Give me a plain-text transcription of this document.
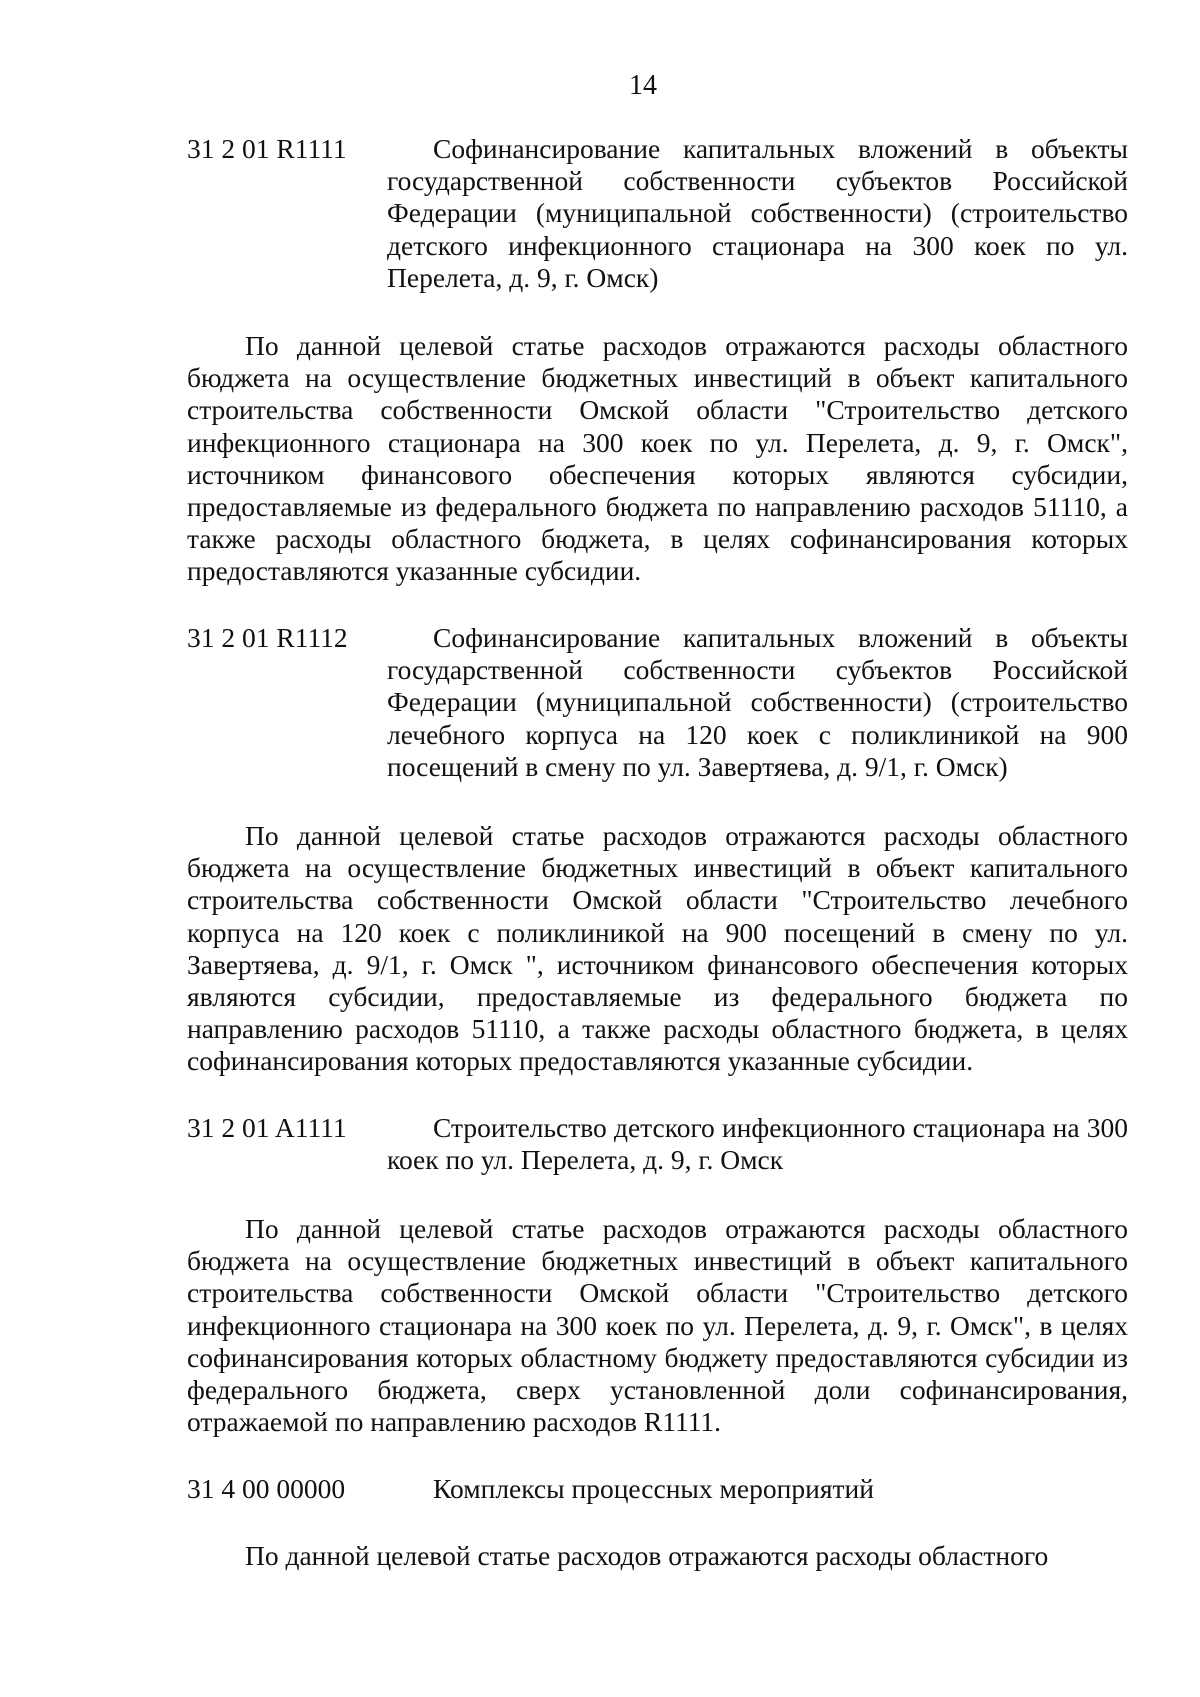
14
31 2 01 R1111	Софинансирование капитальных вложений в объекты государственной собственности субъектов Российской Федерации (муниципальной собственности) (строительство детского инфекционного стационара на 300 коек по ул. Перелета, д. 9, г. Омск)
По данной целевой статье расходов отражаются расходы областного бюджета на осуществление бюджетных инвестиций в объект капитального строительства собственности Омской области "Строительство детского инфекционного стационара на 300 коек по ул. Перелета, д. 9, г. Омск", источником финансового обеспечения которых являются субсидии, предоставляемые из федерального бюджета по направлению расходов 51110, а также расходы областного бюджета, в целях софинансирования которых предоставляются указанные субсидии.
31 2 01 R1112	Софинансирование капитальных вложений в объекты государственной собственности субъектов Российской Федерации (муниципальной собственности) (строительство лечебного корпуса на 120 коек с поликлиникой на 900 посещений в смену по ул. Завертяева, д. 9/1, г. Омск)
По данной целевой статье расходов отражаются расходы областного бюджета на осуществление бюджетных инвестиций в объект капитального строительства собственности Омской области "Строительство лечебного корпуса на 120 коек с поликлиникой на 900 посещений в смену по ул. Завертяева, д. 9/1, г. Омск ", источником финансового обеспечения которых являются субсидии, предоставляемые из федерального бюджета по направлению расходов 51110, а также расходы областного бюджета, в целях софинансирования которых предоставляются указанные субсидии.
31 2 01 A1111	Строительство детского инфекционного стационара на 300 коек по ул. Перелета, д. 9, г. Омск
По данной целевой статье расходов отражаются расходы областного бюджета на осуществление бюджетных инвестиций в объект капитального строительства собственности Омской области "Строительство детского инфекционного стационара на 300 коек по ул. Перелета, д. 9, г. Омск", в целях софинансирования которых областному бюджету предоставляются субсидии из федерального бюджета, сверх установленной доли софинансирования, отражаемой по направлению расходов R1111.
31 4 00 00000	Комплексы процессных мероприятий
По данной целевой статье расходов отражаются расходы областного
